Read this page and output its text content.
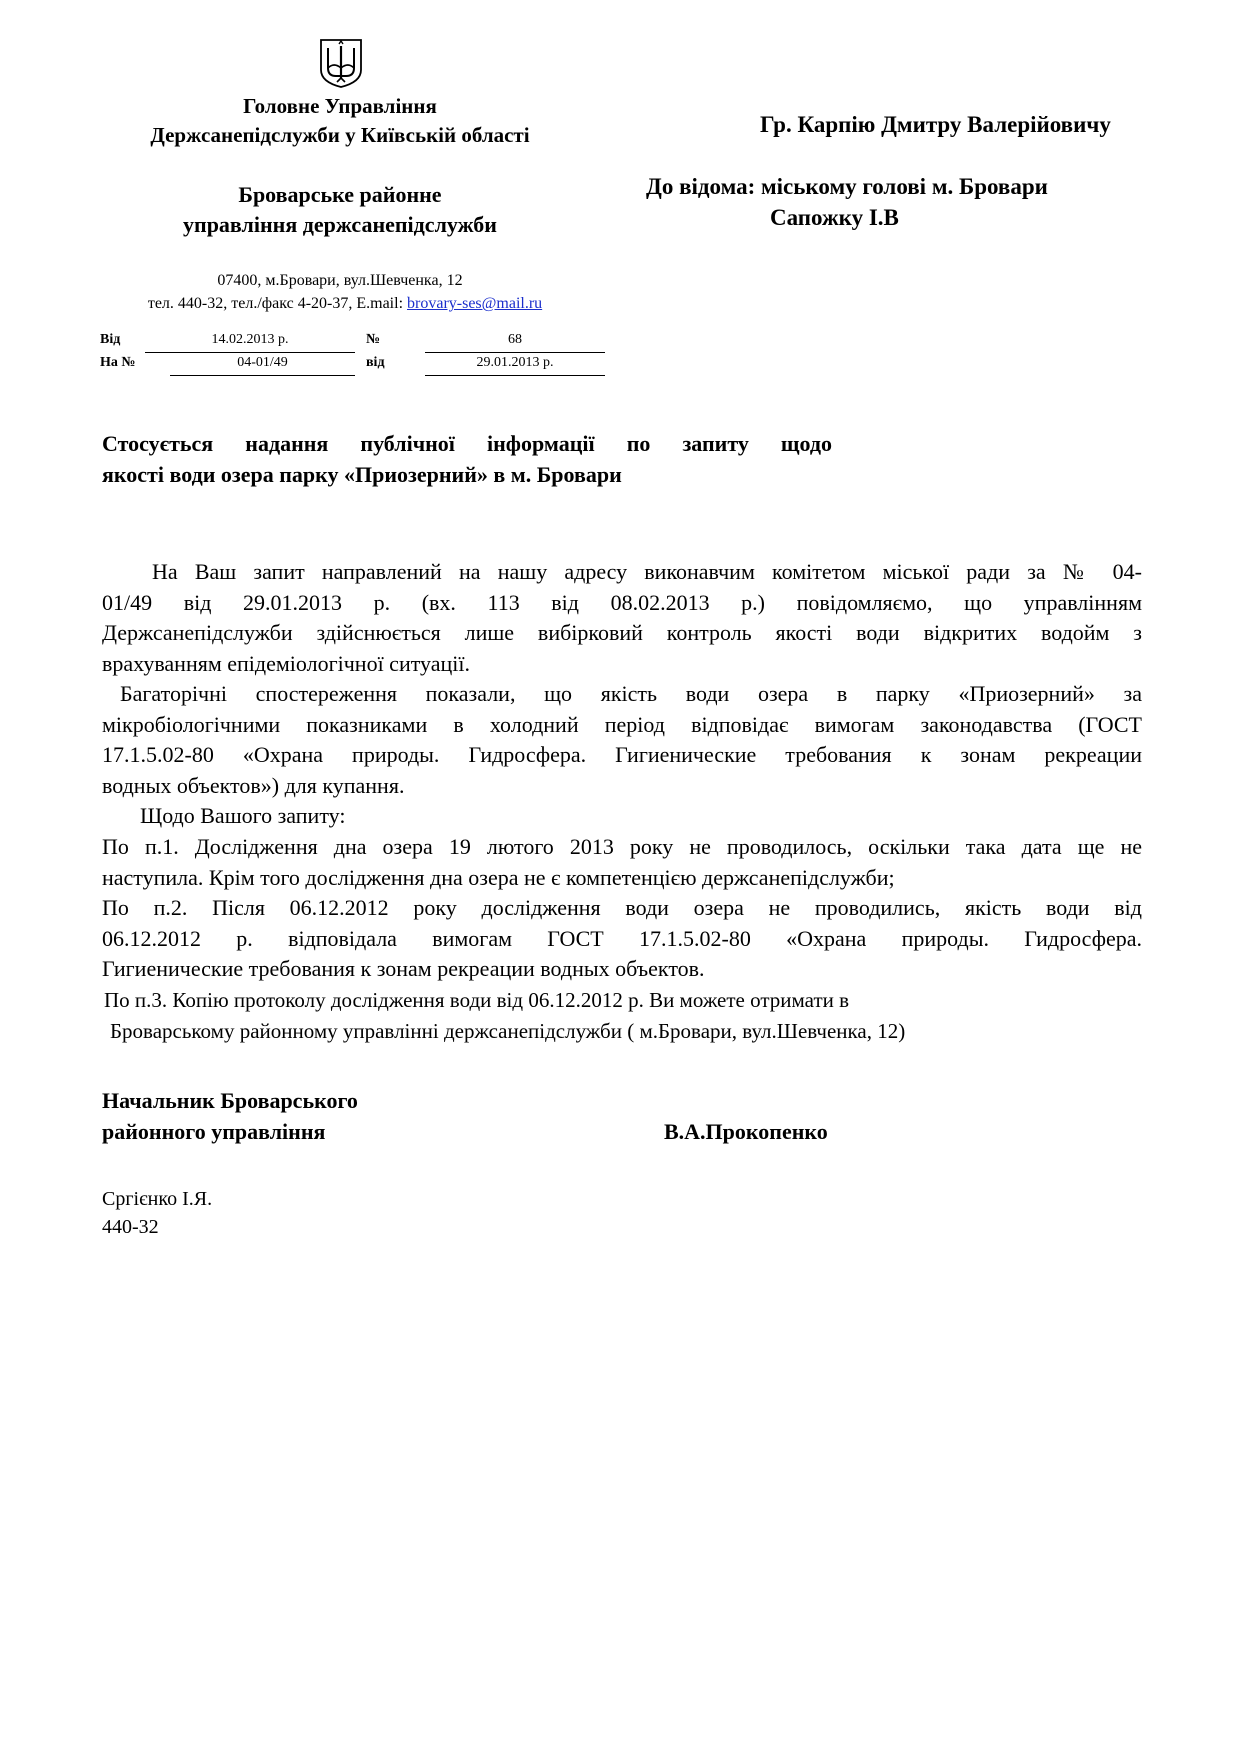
Головне Управління
Держсанепідслужби у Київській області
Броварське районне
управління держсанепідслужби
07400, м.Бровари, вул.Шевченка, 12
тел. 440-32, тел./факс 4-20-37, E.mail: brovary-ses@mail.ru
Від	14.02.2013 р.	№	68
На №	04-01/49	від	29.01.2013 р.
Гр. Карпію Дмитру Валерійовичу
До відома: міському голові м. Бровари
Сапожку І.В
Стосується надання публічної інформації по запиту щодо
якості води озера парку «Приозерний» в м. Бровари
На Ваш запит направлений на нашу адресу виконавчим комітетом міської ради за № 04-
01/49 від 29.01.2013 р. (вх. 113 від 08.02.2013 р.) повідомляємо, що управлінням
Держсанепідслужби здійснюється лише вибірковий контроль якості води відкритих водойм з
врахуванням епідеміологічної ситуації.
Багаторічні спостереження показали, що якість води озера в парку «Приозерний» за
мікробіологічними показниками в холодний період відповідає вимогам законодавства (ГОСТ
17.1.5.02-80 «Охрана природы. Гидросфера. Гигиенические требования к зонам рекреации
водных объектов») для купання.
Щодо Вашого запиту:
По п.1. Дослідження дна озера 19 лютого 2013 року не проводилось, оскільки така дата ще не
наступила. Крім того дослідження дна озера не є компетенцією держсанепідслужби;
По п.2. Після 06.12.2012 року дослідження води озера не проводились, якість води від
06.12.2012 р. відповідала вимогам ГОСТ 17.1.5.02-80 «Охрана природы. Гидросфера.
Гигиенические требования к зонам рекреации водных объектов.
По п.3. Копію протоколу дослідження води від 06.12.2012 р. Ви можете отримати в
Броварському районному управлінні держсанепідслужби ( м.Бровари, вул.Шевченка, 12)
Начальник Броварського
районного управління	В.А.Прокопенко
Сргієнко І.Я.
440-32
